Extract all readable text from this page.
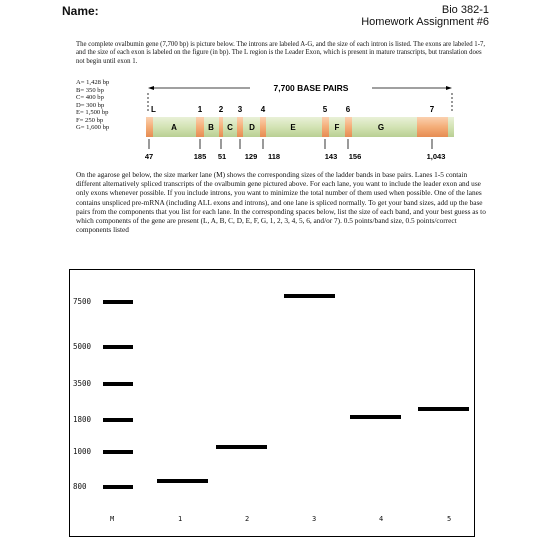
Name:	Bio 382-1
Homework Assignment #6
The complete ovalbumin gene (7,700 bp) is picture below. The introns are labeled A-G, and the size of each intron is listed. The exons are labeled 1-7, and the size of each exon is labeled on the figure (in bp). The L region is the Leader Exon, which is present in mature transcripts, but translation does not begin until exon 1.
A= 1,428 bp
B= 350 bp
C= 400 bp
D= 300 bp
E= 1,500 bp
F= 250 bp
G= 1,600 bp
7,700 BASE PAIRS
L	1 2 3 4	5 6	7
A	B C D	E	F	G
47	185 51 129 118	143 156	1,043
On the agarose gel below, the size marker lane (M) shows the corresponding sizes of the ladder bands in base pairs. Lanes 1-5 contain different alternatively spliced transcripts of the ovalbumin gene pictured above. For each lane, you want to include the leader exon and use only exons whenever possible. If you include introns, you want to minimize the total number of them used when possible. One of the lanes contains unspliced pre-mRNA (including ALL exons and introns), and one lane is spliced normally. To get your band sizes, add up the base pairs from the components that you list for each lane. In the corresponding spaces below, list the size of each band, and your best guess as to which components of the gene are present (L, A, B, C, D, E, F, G, 1, 2, 3, 4, 5, 6, and/or 7). 0.5 points/band size, 0.5 points/correct components listed
7500
5000
3500
1800
1000
800
M	1	2	3	4	5
